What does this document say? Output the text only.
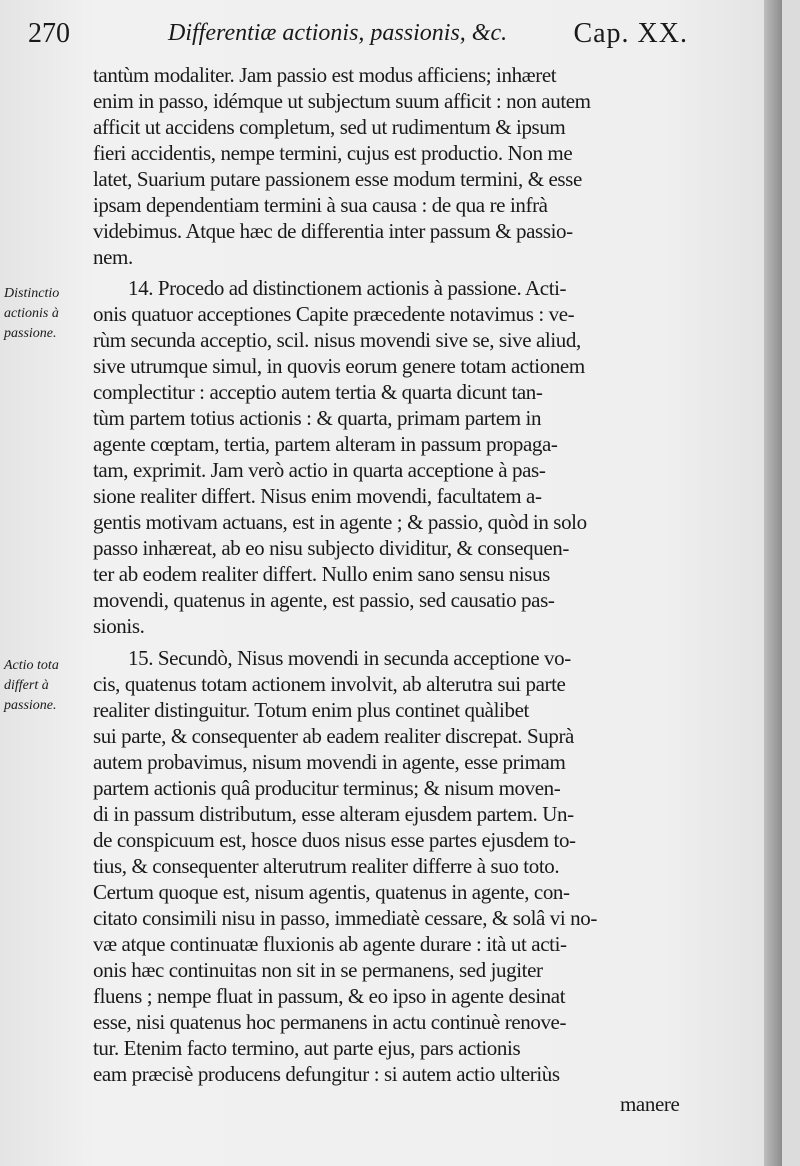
270	Differentiæ actionis, passionis, &c. Cap. XX.
Distinctio
actionis à
passione.
Actio tota
differt à
passione.
tantùm modaliter. Jam passio est modus afficiens; inhæret
enim in passo, idémque ut subjectum suum afficit : non autem
afficit ut accidens completum, sed ut rudimentum & ipsum
fieri accidentis, nempe termini, cujus est productio. Non me
latet, Suarium putare passionem esse modum termini, & esse
ipsam dependentiam termini à sua causa : de qua re infrà
videbimus. Atque hæc de differentia inter passum & passio-
nem.
14. Procedo ad distinctionem actionis à passione. Acti-
onis quatuor acceptiones Capite præcedente notavimus : ve-
rùm secunda acceptio, scil. nisus movendi sive se, sive aliud,
sive utrumque simul, in quovis eorum genere totam actionem
complectitur : acceptio autem tertia & quarta dicunt tan-
tùm partem totius actionis : & quarta, primam partem in
agente cœptam, tertia, partem alteram in passum propaga-
tam, exprimit. Jam verò actio in quarta acceptione à pas-
sione realiter differt. Nisus enim movendi, facultatem a-
gentis motivam actuans, est in agente ; & passio, quòd in solo
passo inhæreat, ab eo nisu subjecto dividitur, & consequen-
ter ab eodem realiter differt. Nullo enim sano sensu nisus
movendi, quatenus in agente, est passio, sed causatio pas-
sionis.
15. Secundò, Nisus movendi in secunda acceptione vo-
cis, quatenus totam actionem involvit, ab alterutra sui parte
realiter distinguitur. Totum enim plus continet quàlibet
sui parte, & consequenter ab eadem realiter discrepat. Suprà
autem probavimus, nisum movendi in agente, esse primam
partem actionis quâ producitur terminus; & nisum moven-
di in passum distributum, esse alteram ejusdem partem. Un-
de conspicuum est, hosce duos nisus esse partes ejusdem to-
tius, & consequenter alterutrum realiter differre à suo toto.
Certum quoque est, nisum agentis, quatenus in agente, con-
citato consimili nisu in passo, immediatè cessare, & solâ vi no-
væ atque continuatæ fluxionis ab agente durare : ità ut acti-
onis hæc continuitas non sit in se permanens, sed jugiter
fluens ; nempe fluat in passum, & eo ipso in agente desinat
esse, nisi quatenus hoc permanens in actu continuè renove-
tur. Etenim facto termino, aut parte ejus, pars actionis
eam præcisè producens defungitur : si autem actio ulteriùs
manere
